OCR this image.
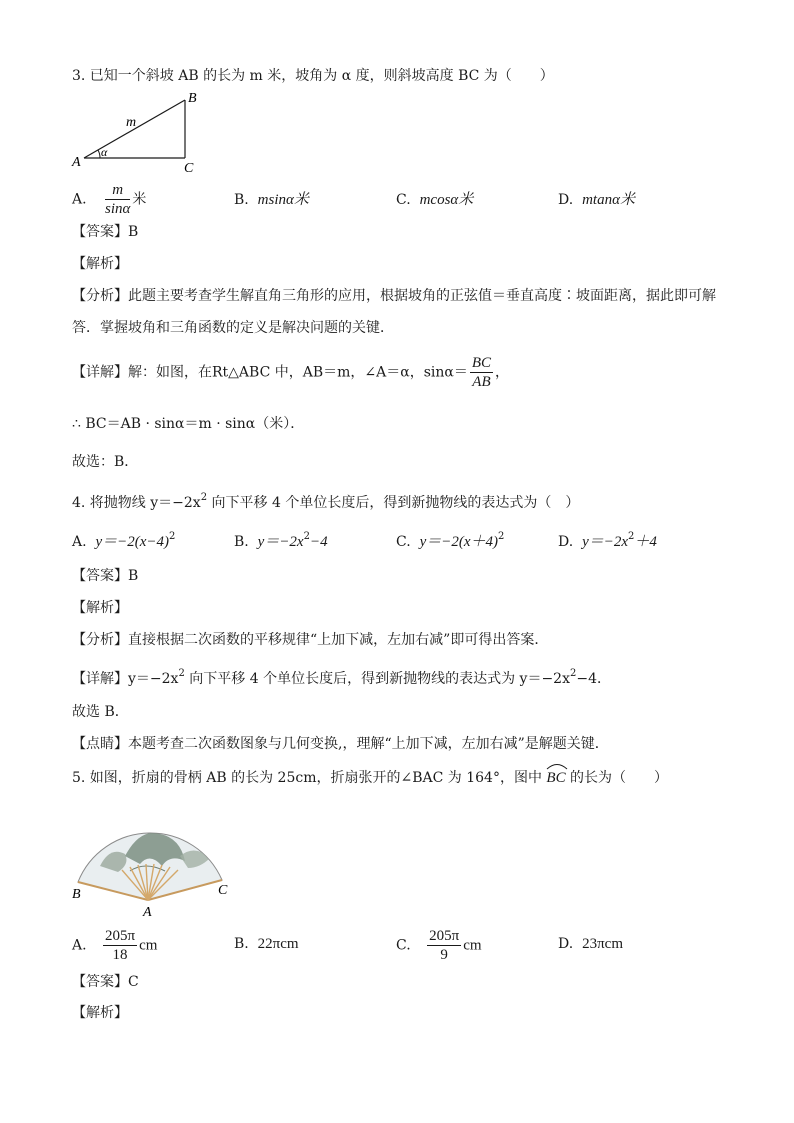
3. 已知一个斜坡 AB 的长为 m 米，坡角为 α 度，则斜坡高度 BC 为（　　）
A
B
C
m
α
A. $\frac{m}{\sin\alpha}$ 米	B. msinα米	C. mcosα米	D. mtanα米
【答案】B
【解析】
【分析】此题主要考查学生解直角三角形的应用，根据坡角的正弦值＝垂直高度∶坡面距离，据此即可解
答．掌握坡角和三角函数的定义是解决问题的关键．
【详解】解：如图，在Rt△ABC 中，AB＝m，∠A＝α，$\sin\alpha= \frac{BC}{AB}$ ，
∴ BC＝AB · sinα＝m · sinα（米）．
故选：B．
4. 将抛物线 $y=-2x^2$ 向下平移 4 个单位长度后，得到新抛物线的表达式为（　）
A. $y=-2(x-4)^2$	B. $y=-2x^2-4$	C. $y=-2(x+4)^2$	D. $y=-2x^2+4$
【答案】B
【解析】
【分析】直接根据二次函数的平移规律“上加下减，左加右减”即可得出答案．
【详解】$y=-2x^2$ 向下平移 4 个单位长度后，得到新抛物线的表达式为 $y=-2x^2-4$．
故选 B．
【点睛】本题考查二次函数图象与几何变换,，理解“上加下减，左加右减”是解题关键．
5. 如图，折扇的骨柄 AB 的长为 25cm，折扇张开的∠BAC 为 164°，图中 BC 的长为（　　）
B
A
C
A. $\frac{205\pi}{18}$ cm	B. 22πcm	C. $\frac{205\pi}{9}$ cm	D. 23πcm
【答案】C
【解析】
